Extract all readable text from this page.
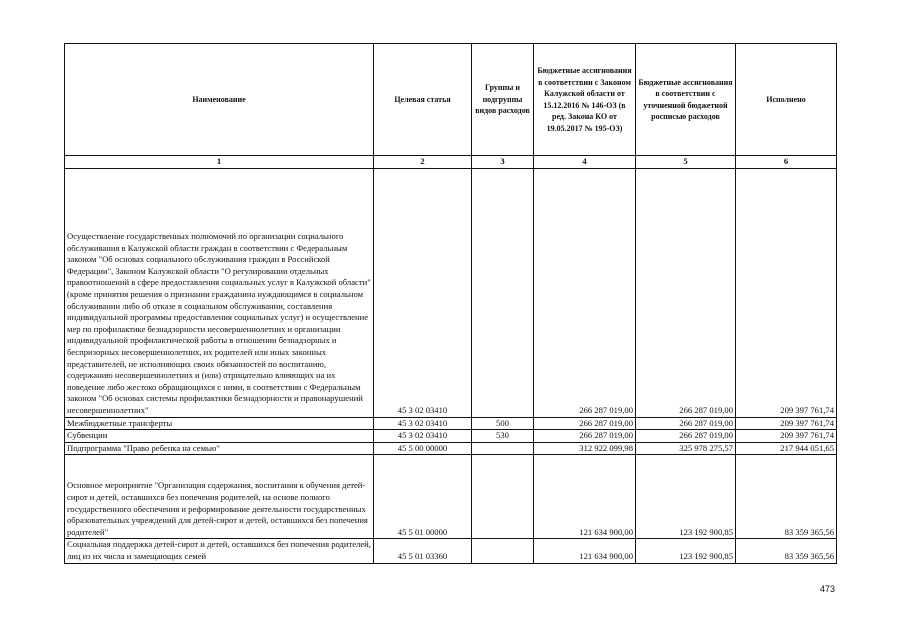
Наименование	Целевая статья	Группы и подгруппы видов расходов	Бюджетные ассигнования в соответствии с Законом Калужской области от 15.12.2016 № 146-ОЗ (в ред. Закона КО от 19.05.2017 № 195-ОЗ)	Бюджетные ассигнования в соответствии с уточненной бюджетной росписью расходов	Исполнено
1	2	3	4	5	6
Осуществление государственных полномочий по организации социального обслуживания в Калужской области граждан в соответствии с Федеральным законом "Об основах социального обслуживания граждан в Российской Федерации", Законом Калужской области "О регулировании отдельных правоотношений в сфере предоставления социальных услуг в Калужской области" (кроме принятия решения о признании гражданина нуждающимся в социальном обслуживании либо об отказе в социальном обслуживании, составления индивидуальной программы предоставления социальных услуг) и осуществление мер по профилактике безнадзорности несовершеннолетних и организации индивидуальной профилактической работы в отношении безнадзорных и беспризорных несовершеннолетних, их родителей или иных законных представителей, не исполняющих своих обязанностей по воспитанию, содержанию несовершеннолетних и (или) отрицательно влияющих на их поведение либо жестоко обращающихся с ними, в соответствии с Федеральным законом "Об основах системы профилактики безнадзорности и правонарушений несовершеннолетних"	45 3 02 03410		266 287 019,00	266 287 019,00	209 397 761,74
Межбюджетные трансферты	45 3 02 03410	500	266 287 019,00	266 287 019,00	209 397 761,74
Субвенции	45 3 02 03410	530	266 287 019,00	266 287 019,00	209 397 761,74
Подпрограмма "Право ребенка на семью"	45 5 00 00000		312 922 099,98	325 978 275,57	217 944 051,65
Основное мероприятие "Организация содержания, воспитания к обучения детей-сирот и детей, оставшихся без попечения родителей, на основе полного государственного обеспечения и реформирование деятельности государственных образовательных учреждений для детей-сирот и детей, оставшихся без попечения родителей"	45 5 01 00000		121 634 900,00	123 192 900,85	83 359 365,56
Социальная поддержка детей-сирот и детей, оставшихся без попечения родителей, лиц из их числа и замещающих семей	45 5 01 03360		121 634 900,00	123 192 900,85	83 359 365,56
473
